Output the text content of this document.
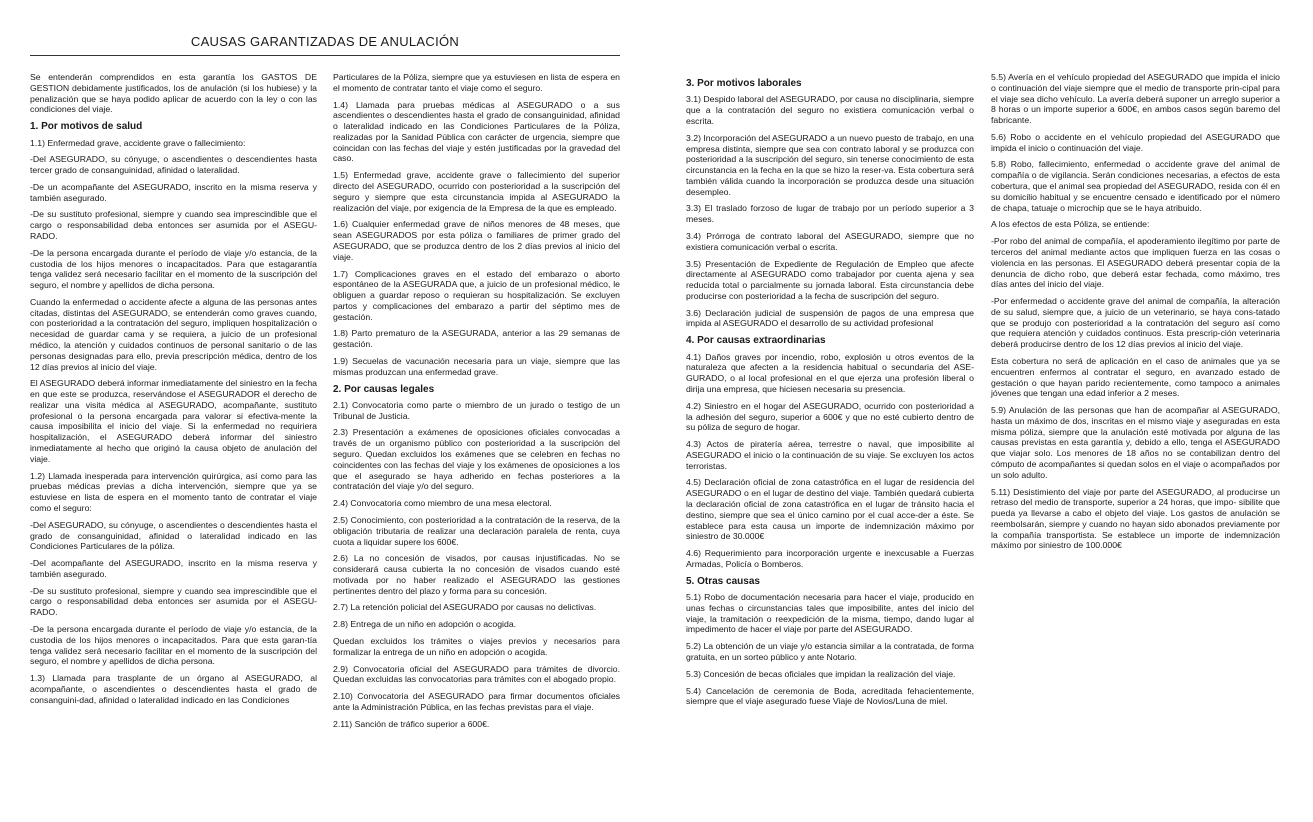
CAUSAS GARANTIZADAS DE ANULACIÓN

Se entenderán comprendidos en esta garantía los GASTOS DE GESTION debidamente justificados, los de anulación (si los hubiese) y la penalización que se haya podido aplicar de acuerdo con la ley o con las condiciones del viaje.

1. Por motivos de salud

1.1) Enfermedad grave, accidente grave o fallecimiento:

-Del ASEGURADO, su cónyuge, o ascendientes o descendientes hasta tercer grado de consanguinidad, afinidad o lateralidad.

-De un acompañante del ASEGURADO, inscrito en la misma reserva y también asegurado.

-De su sustituto profesional, siempre y cuando sea imprescindible que el cargo o responsabilidad deba entonces ser asumida por el ASEGU-RADO.

-De la persona encargada durante el período de viaje y/o estancia, de la custodia de los hijos menores o incapacitados. Para que estagarantía tenga validez será necesario facilitar en el momento de la suscripción del seguro, el nombre y apellidos de dicha persona.

Cuando la enfermedad o accidente afecte a alguna de las personas antes citadas, distintas del ASEGURADO, se entenderán como graves cuando, con posterioridad a la contratación del seguro, impliquen hospitalización o necesidad de guardar cama y se requiera, a juicio de un profesional médico, la atención y cuidados continuos de personal sanitario o de las personas designadas para ello, previa prescripción médica, dentro de los 12 días previos al inicio del viaje.

El ASEGURADO deberá informar inmediatamente del siniestro en la fecha en que este se produzca, reservándose el ASEGURADOR el derecho de realizar una visita médica al ASEGURADO, acompañante, sustituto profesional o la persona encargada para valorar si efectiva-mente la causa imposibilita el inicio del viaje. Si la enfermedad no requiriera hospitalización, el ASEGURADO deberá informar del siniestro inmediatamente al hecho que originó la causa objeto de anulación del viaje.

1.2) Llamada inesperada para intervención quirúrgica, así como para las pruebas médicas previas a dicha intervención, siempre que ya se estuviese en lista de espera en el momento tanto de contratar el viaje como el seguro:

-Del ASEGURADO, su cónyuge, o ascendientes o descendientes hasta el grado de consanguinidad, afinidad o lateralidad indicado en las Condiciones Particulares de la póliza.

-Del acompañante del ASEGURADO, inscrito en la misma reserva y también asegurado.

-De su sustituto profesional, siempre y cuando sea imprescindible que el cargo o responsabilidad deba entonces ser asumida por el ASEGU-RADO.

-De la persona encargada durante el período de viaje y/o estancia, de la custodia de los hijos menores o incapacitados. Para que esta garan-tía tenga validez será necesario facilitar en el momento de la suscripción del seguro, el nombre y apellidos de dicha persona.

1.3) Llamada para trasplante de un órgano al ASEGURADO, al acompañante, o ascendientes o descendientes hasta el grado de consanguini-dad, afinidad o lateralidad indicado en las Condiciones

Particulares de la Póliza, siempre que ya estuviesen en lista de espera en el momento de contratar tanto el viaje como el seguro.

1.4) Llamada para pruebas médicas al ASEGURADO o a sus ascendientes o descendientes hasta el grado de consanguinidad, afinidad o lateralidad indicado en las Condiciones Particulares de la Póliza, realizadas por la Sanidad Pública con carácter de urgencia, siempre que coincidan con las fechas del viaje y estén justificadas por la gravedad del caso.

1.5) Enfermedad grave, accidente grave o fallecimiento del superior directo del ASEGURADO, ocurrido con posterioridad a la suscripción del seguro y siempre que esta circunstancia impida al ASEGURADO la realización del viaje, por exigencia de la Empresa de la que es empleado.

1.6) Cualquier enfermedad grave de niños menores de 48 meses, que sean ASEGURADOS por esta póliza o familiares de primer grado del ASEGURADO, que se produzca dentro de los 2 días previos al inicio del viaje.

1.7) Complicaciones graves en el estado del embarazo o aborto espontáneo de la ASEGURADA que, a juicio de un profesional médico, le obliguen a guardar reposo o requieran su hospitalización. Se excluyen partos y complicaciones del embarazo a partir del séptimo mes de gestación.

1.8) Parto prematuro de la ASEGURADA, anterior a las 29 semanas de gestación.

1.9) Secuelas de vacunación necesaria para un viaje, siempre que las mismas produzcan una enfermedad grave.

2. Por causas legales

2.1) Convocatoria como parte o miembro de un jurado o testigo de un Tribunal de Justicia.

2.3) Presentación a exámenes de oposiciones oficiales convocadas a través de un organismo público con posterioridad a la suscripción del seguro. Quedan excluidos los exámenes que se celebren en fechas no coincidentes con las fechas del viaje y los exámenes de oposiciones a los que el asegurado se haya adherido en fechas posteriores a la contratación del viaje y/o del seguro.

2.4) Convocatoria como miembro de una mesa electoral.

2.5) Conocimiento, con posterioridad a la contratación de la reserva, de la obligación tributaria de realizar una declaración paralela de renta, cuya cuota a liquidar supere los 600€.

2.6) La no concesión de visados, por causas injustificadas. No se considerará causa cubierta la no concesión de visados cuando esté motivada por no haber realizado el ASEGURADO las gestiones pertinentes dentro del plazo y forma para su concesión.

2.7) La retención policial del ASEGURADO por causas no delictivas.

2.8) Entrega de un niño en adopción o acogida.

Quedan excluidos los trámites o viajes previos y necesarios para formalizar la entrega de un niño en adopción o acogida.

2.9) Convocatoria oficial del ASEGURADO para trámites de divorcio. Quedan excluidas las convocatorias para trámites con el abogado propio.

2.10) Convocatoria del ASEGURADO para firmar documentos oficiales ante la Administración Pública, en las fechas previstas para el viaje.

2.11) Sanción de tráfico superior a 600€.

3. Por motivos laborales

3.1) Despido laboral del ASEGURADO, por causa no disciplinaria, siempre que a la contratación del seguro no existiera comunicación verbal o escrita.

3.2) Incorporación del ASEGURADO a un nuevo puesto de trabajo, en una empresa distinta, siempre que sea con contrato laboral y se produzca con posterioridad a la suscripción del seguro, sin tenerse conocimiento de esta circunstancia en la fecha en la que se hizo la reser-va. Esta cobertura será también válida cuando la incorporación se produzca desde una situación desempleo.

3.3) El traslado forzoso de lugar de trabajo por un período superior a 3 meses.

3.4) Prórroga de contrato laboral del ASEGURADO, siempre que no existiera comunicación verbal o escrita.

3.5) Presentación de Expediente de Regulación de Empleo que afecte directamente al ASEGURADO como trabajador por cuenta ajena y sea reducida total o parcialmente su jornada laboral. Esta circunstancia debe producirse con posterioridad a la fecha de suscripción del seguro.

3.6) Declaración judicial de suspensión de pagos de una empresa que impida al ASEGURADO el desarrollo de su actividad profesional

4. Por causas extraordinarias

4.1) Daños graves por incendio, robo, explosión u otros eventos de la naturaleza que afecten a la residencia habitual o secundaria del ASE-GURADO, o al local profesional en el que ejerza una profesión liberal o dirija una empresa, que hiciesen necesaria su presencia.

4.2) Siniestro en el hogar del ASEGURADO, ocurrido con posterioridad a la adhesión del seguro, superior a 600€ y que no esté cubierto dentro de su póliza de seguro de hogar.

4.3) Actos de piratería aérea, terrestre o naval, que imposibilite al ASEGURADO el inicio o la continuación de su viaje. Se excluyen los actos terroristas.

4.5) Declaración oficial de zona catastrófica en el lugar de residencia del ASEGURADO o en el lugar de destino del viaje. También quedará cubierta la declaración oficial de zona catastrófica en el lugar de tránsito hacia el destino, siempre que sea el único camino por el cual acce-der a éste. Se establece para esta causa un importe de indemnización máximo por siniestro de 30.000€

4.6) Requerimiento para incorporación urgente e inexcusable a Fuerzas Armadas, Policía o Bomberos.

5. Otras causas

5.1) Robo de documentación necesaria para hacer el viaje, producido en unas fechas o circunstancias tales que imposibilite, antes del inicio del viaje, la tramitación o reexpedición de la misma, tiempo, dando lugar al impedimento de hacer el viaje por parte del ASEGURADO.

5.2) La obtención de un viaje y/o estancia similar a la contratada, de forma gratuita, en un sorteo público y ante Notario.

5.3) Concesión de becas oficiales que impidan la realización del viaje.

5.4) Cancelación de ceremonia de Boda, acreditada fehacientemente, siempre que el viaje asegurado fuese Viaje de Novios/Luna de miel.

5.5) Avería en el vehículo propiedad del ASEGURADO que impida el inicio o continuación del viaje siempre que el medio de transporte prin-cipal para el viaje sea dicho vehículo. La avería deberá suponer un arreglo superior a 8 horas o un importe superior a 600€, en ambos casos según baremo del fabricante.

5.6) Robo o accidente en el vehículo propiedad del ASEGURADO que impida el inicio o continuación del viaje.

5.8) Robo, fallecimiento, enfermedad o accidente grave del animal de compañía o de vigilancia. Serán condiciones necesarias, a efectos de esta cobertura, que el animal sea propiedad del ASEGURADO, resida con él en su domicilio habitual y se encuentre censado e identificado por el número de chapa, tatuaje o microchip que se le haya atribuido.

A los efectos de esta Póliza, se entiende:

-Por robo del animal de compañía, el apoderamiento ilegítimo por parte de terceros del animal mediante actos que impliquen fuerza en las cosas o violencia en las personas. El ASEGURADO deberá presentar copia de la denuncia de dicho robo, que deberá estar fechada, como máximo, tres días antes del inicio del viaje.

-Por enfermedad o accidente grave del animal de compañía, la alteración de su salud, siempre que, a juicio de un veterinario, se haya cons-tatado que se produjo con posterioridad a la contratación del seguro así como que requiera atención y cuidados continuos. Esta prescrip-ción veterinaria deberá producirse dentro de los 12 días previos al inicio del viaje.

Esta cobertura no será de aplicación en el caso de animales que ya se encuentren enfermos al contratar el seguro, en avanzado estado de gestación o que hayan parido recientemente, como tampoco a animales jóvenes que tengan una edad inferior a 2 meses.

5.9) Anulación de las personas que han de acompañar al ASEGURADO, hasta un máximo de dos, inscritas en el mismo viaje y aseguradas en esta misma póliza, siempre que la anulación esté motivada por alguna de las causas previstas en esta garantía y, debido a ello, tenga el ASEGURADO que viajar solo. Los menores de 18 años no se contabilizan dentro del cómputo de acompañantes si quedan solos en el viaje o acompañados por un solo adulto.

5.11) Desistimiento del viaje por parte del ASEGURADO, al producirse un retraso del medio de transporte, superior a 24 horas, que impo- sibilite que pueda ya llevarse a cabo el objeto del viaje. Los gastos de anulación se reembolsarán, siempre y cuando no hayan sido abonados previamente por la compañía transportista. Se establece un importe de indemnización máximo por siniestro de 100.000€
